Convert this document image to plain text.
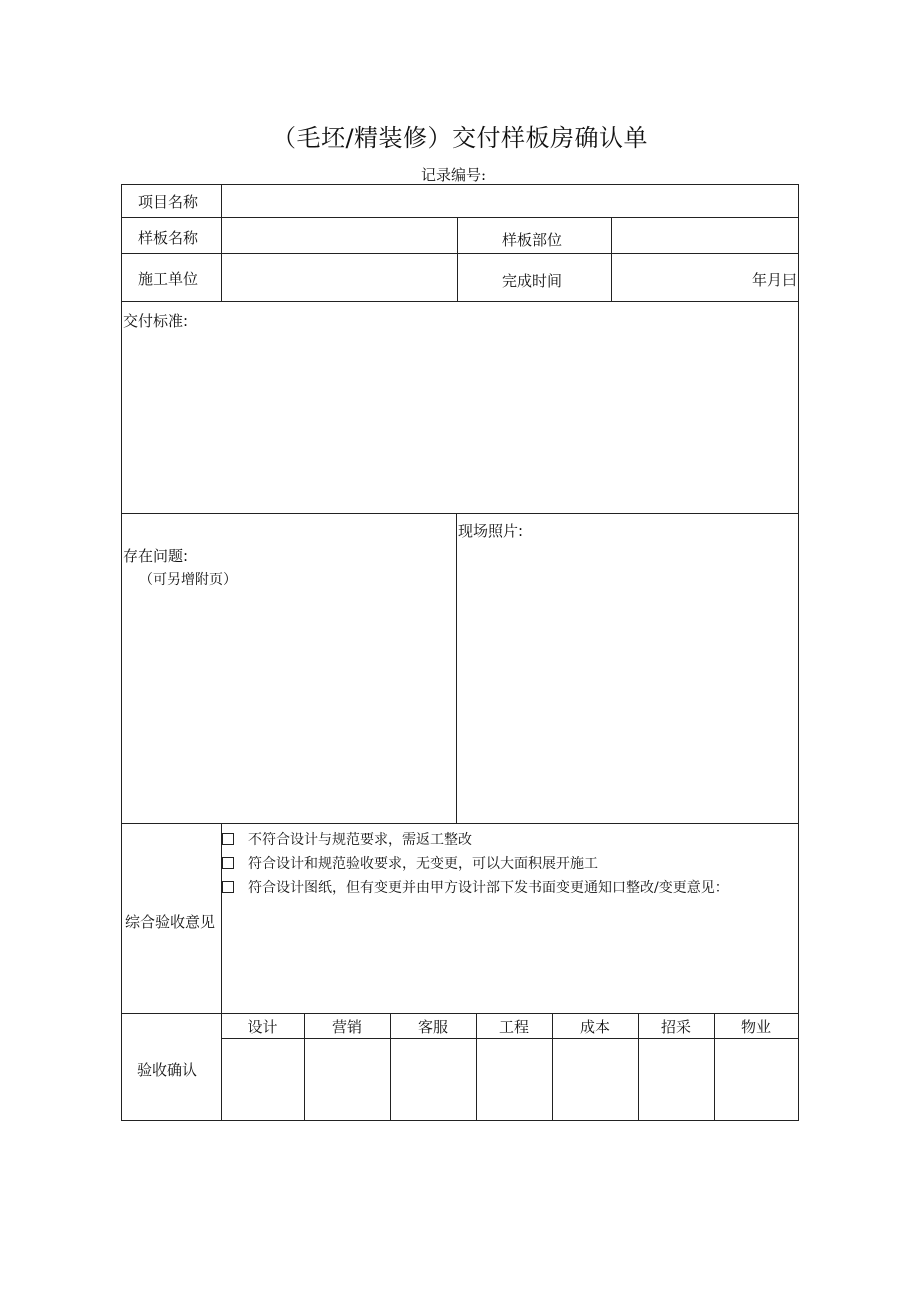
（毛坯/精装修）交付样板房确认单
记录编号:
项目名称
样板名称	样板部位
施工单位	完成时间	年月曰
交付标准:
存在问题:
（可另增附页）
现场照片:
综合验收意见
不符合设计与规范要求，需返工整改
符合设计和规范验收要求，无变更，可以大面积展开施工
符合设计图纸，但有变更并由甲方设计部下发书面变更通知口整改/变更意见：
验收确认
设计	营销	客服	工程	成本	招采	物业
